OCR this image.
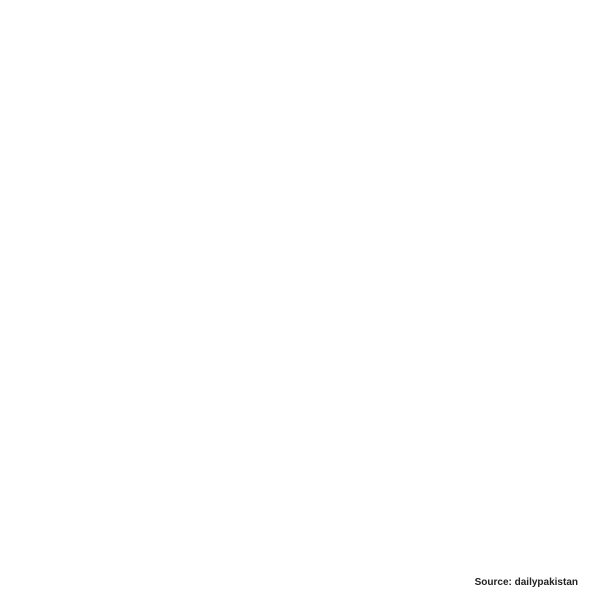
Source: dailypakistan
